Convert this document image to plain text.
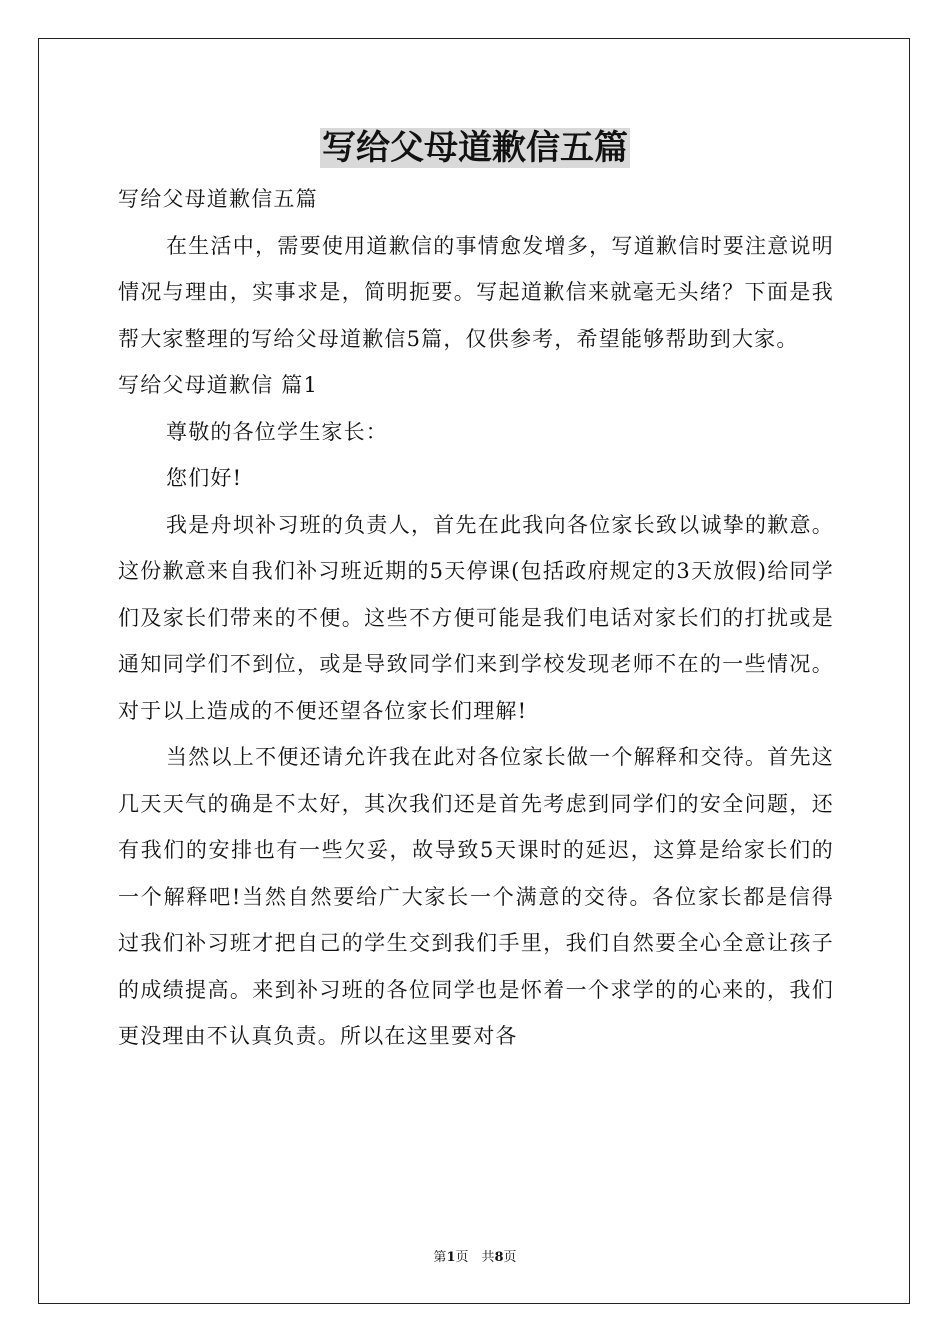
写给父母道歉信五篇

写给父母道歉信五篇

在生活中，需要使用道歉信的事情愈发增多，写道歉信时要注意说明情况与理由，实事求是，简明扼要。写起道歉信来就毫无头绪？下面是我帮大家整理的写给父母道歉信5篇，仅供参考，希望能够帮助到大家。

写给父母道歉信 篇1

尊敬的各位学生家长：

您们好!

我是舟坝补习班的负责人，首先在此我向各位家长致以诚挚的歉意。这份歉意来自我们补习班近期的5天停课(包括政府规定的3天放假)给同学们及家长们带来的不便。这些不方便可能是我们电话对家长们的打扰或是通知同学们不到位，或是导致同学们来到学校发现老师不在的一些情况。对于以上造成的不便还望各位家长们理解!

当然以上不便还请允许我在此对各位家长做一个解释和交待。首先这几天天气的确是不太好，其次我们还是首先考虑到同学们的安全问题，还有我们的安排也有一些欠妥，故导致5天课时的延迟，这算是给家长们的一个解释吧!当然自然要给广大家长一个满意的交待。各位家长都是信得过我们补习班才把自己的学生交到我们手里，我们自然要全心全意让孩子的成绩提高。来到补习班的各位同学也是怀着一个求学的的心来的，我们更没理由不认真负责。所以在这里要对各

第1页　共8页
